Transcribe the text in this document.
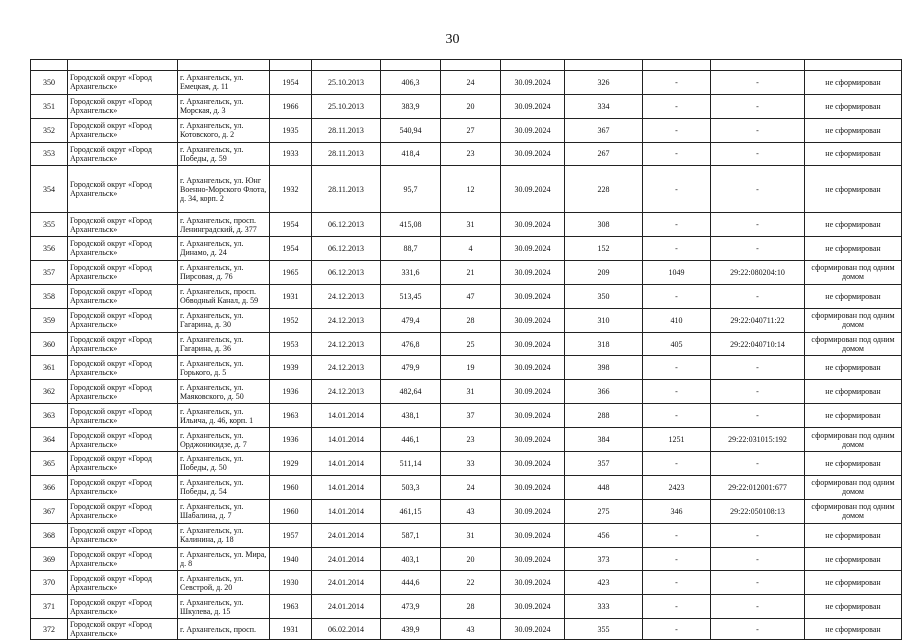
30

350	Городской округ «Город Архангельск»	г. Архангельск, ул. Емецкая, д. 11	1954	25.10.2013	406,3	24	30.09.2024	326	-	-	не сформирован
351	Городской округ «Город Архангельск»	г. Архангельск, ул. Морская, д. 3	1966	25.10.2013	383,9	20	30.09.2024	334	-	-	не сформирован
352	Городской округ «Город Архангельск»	г. Архангельск, ул. Котовского, д. 2	1935	28.11.2013	540,94	27	30.09.2024	367	-	-	не сформирован
353	Городской округ «Город Архангельск»	г. Архангельск, ул. Победы, д. 59	1933	28.11.2013	418,4	23	30.09.2024	267	-	-	не сформирован
354	Городской округ «Город Архангельск»	г. Архангельск, ул. Юнг Военно-Морского Флота, д. 34, корп. 2	1932	28.11.2013	95,7	12	30.09.2024	228	-	-	не сформирован
355	Городской округ «Город Архангельск»	г. Архангельск, просп. Ленинградский, д. 377	1954	06.12.2013	415,08	31	30.09.2024	308	-	-	не сформирован
356	Городской округ «Город Архангельск»	г. Архангельск, ул. Динамо, д. 24	1954	06.12.2013	88,7	4	30.09.2024	152	-	-	не сформирован
357	Городской округ «Город Архангельск»	г. Архангельск, ул. Пирсовая, д. 76	1965	06.12.2013	331,6	21	30.09.2024	209	1049	29:22:080204:10	сформирован под одним домом
358	Городской округ «Город Архангельск»	г. Архангельск, просп. Обводный Канал, д. 59	1931	24.12.2013	513,45	47	30.09.2024	350	-	-	не сформирован
359	Городской округ «Город Архангельск»	г. Архангельск, ул. Гагарина, д. 30	1952	24.12.2013	479,4	28	30.09.2024	310	410	29:22:040711:22	сформирован под одним домом
360	Городской округ «Город Архангельск»	г. Архангельск, ул. Гагарина, д. 36	1953	24.12.2013	476,8	25	30.09.2024	318	405	29:22:040710:14	сформирован под одним домом
361	Городской округ «Город Архангельск»	г. Архангельск, ул. Горького, д. 5	1939	24.12.2013	479,9	19	30.09.2024	398	-	-	не сформирован
362	Городской округ «Город Архангельск»	г. Архангельск, ул. Маяковского, д. 50	1936	24.12.2013	482,64	31	30.09.2024	366	-	-	не сформирован
363	Городской округ «Город Архангельск»	г. Архангельск, ул. Ильича, д. 46, корп. 1	1963	14.01.2014	438,1	37	30.09.2024	288	-	-	не сформирован
364	Городской округ «Город Архангельск»	г. Архангельск, ул. Орджоникидзе, д. 7	1936	14.01.2014	446,1	23	30.09.2024	384	1251	29:22:031015:192	сформирован под одним домом
365	Городской округ «Город Архангельск»	г. Архангельск, ул. Победы, д. 50	1929	14.01.2014	511,14	33	30.09.2024	357	-	-	не сформирован
366	Городской округ «Город Архангельск»	г. Архангельск, ул. Победы, д. 54	1960	14.01.2014	503,3	24	30.09.2024	448	2423	29:22:012001:677	сформирован под одним домом
367	Городской округ «Город Архангельск»	г. Архангельск, ул. Шабалина, д. 7	1960	14.01.2014	461,15	43	30.09.2024	275	346	29:22:050108:13	сформирован под одним домом
368	Городской округ «Город Архангельск»	г. Архангельск, ул. Калинина, д. 18	1957	24.01.2014	587,1	31	30.09.2024	456	-	-	не сформирован
369	Городской округ «Город Архангельск»	г. Архангельск, ул. Мира, д. 8	1940	24.01.2014	403,1	20	30.09.2024	373	-	-	не сформирован
370	Городской округ «Город Архангельск»	г. Архангельск, ул. Севстрой, д. 20	1930	24.01.2014	444,6	22	30.09.2024	423	-	-	не сформирован
371	Городской округ «Город Архангельск»	г. Архангельск, ул. Шкулева, д. 15	1963	24.01.2014	473,9	28	30.09.2024	333	-	-	не сформирован
372	Городской округ «Город Архангельск»	г. Архангельск, просп.	1931	06.02.2014	439,9	43	30.09.2024	355	-	-	не сформирован
